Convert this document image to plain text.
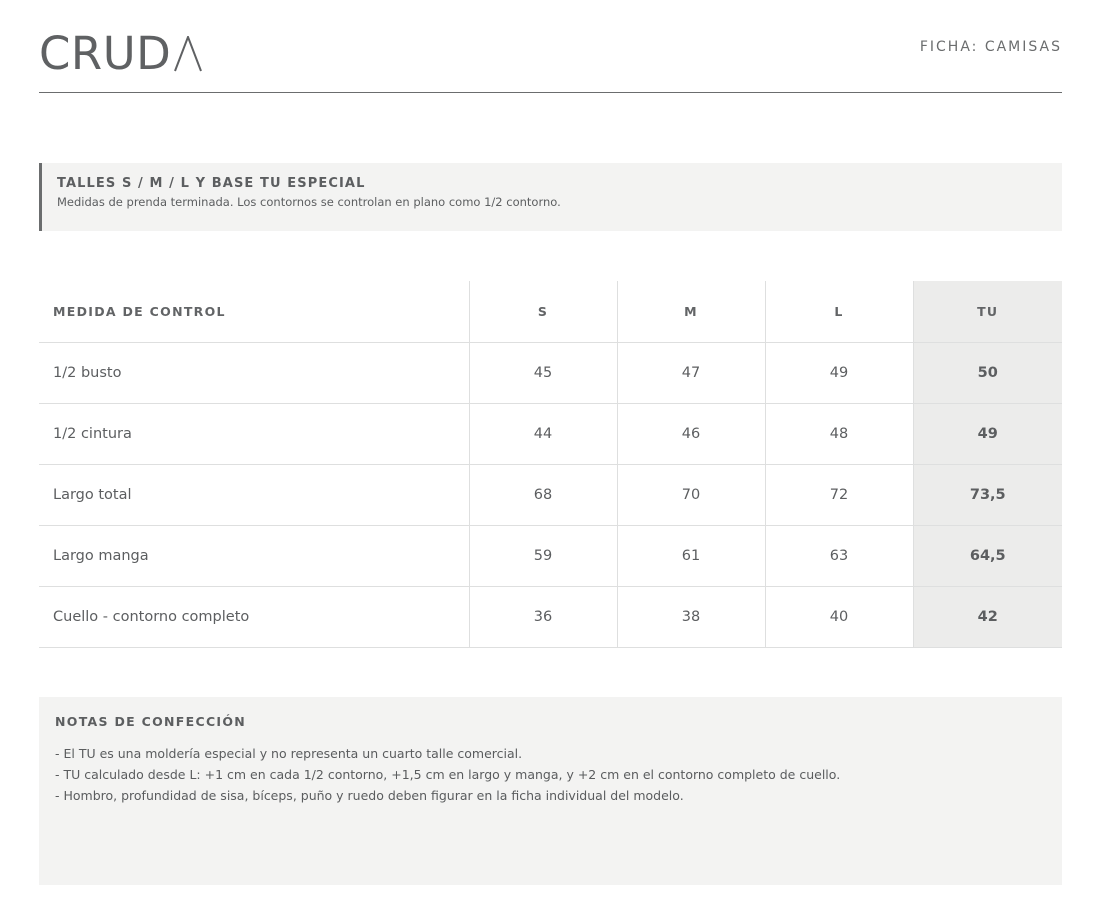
CRUD	FICHA: CAMISAS
TALLES S / M / L Y BASE TU ESPECIAL
Medidas de prenda terminada. Los contornos se controlan en plano como 1/2 contorno.
MEDIDA DE CONTROL	S	M	L	TU
1/2 busto	45	47	49	50
1/2 cintura	44	46	48	49
Largo total	68	70	72	73,5
Largo manga	59	61	63	64,5
Cuello - contorno completo	36	38	40	42
NOTAS DE CONFECCIÓN
- El TU es una moldería especial y no representa un cuarto talle comercial.
- TU calculado desde L: +1 cm en cada 1/2 contorno, +1,5 cm en largo y manga, y +2 cm en el contorno completo de cuello.
- Hombro, profundidad de sisa, bíceps, puño y ruedo deben figurar en la ficha individual del modelo.
